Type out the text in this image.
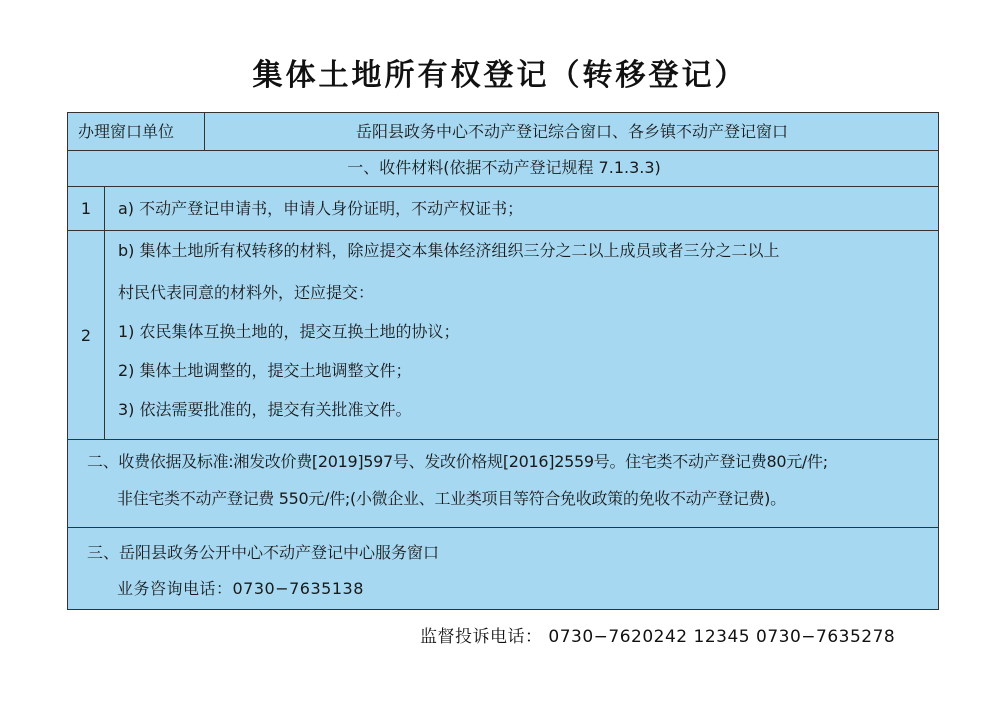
集体土地所有权登记（转移登记）
办理窗口单位	岳阳县政务中心不动产登记综合窗口、各乡镇不动产登记窗口
一、收件材料(依据不动产登记规程 7.1.3.3)
1	a) 不动产登记申请书，申请人身份证明，不动产权证书；
2
b) 集体土地所有权转移的材料，除应提交本集体经济组织三分之二以上成员或者三分之二以上
村民代表同意的材料外，还应提交：
1) 农民集体互换土地的，提交互换土地的协议；
2) 集体土地调整的，提交土地调整文件；
3) 依法需要批准的，提交有关批准文件。
二、收费依据及标准:湘发改价费[2019]597号、发改价格规[2016]2559号。住宅类不动产登记费80元/件;
非住宅类不动产登记费 550元/件;(小微企业、工业类项目等符合免收政策的免收不动产登记费)。
三、岳阳县政务公开中心不动产登记中心服务窗口
业务咨询电话：0730−7635138
监督投诉电话： 0730−7620242 12345 0730−7635278
